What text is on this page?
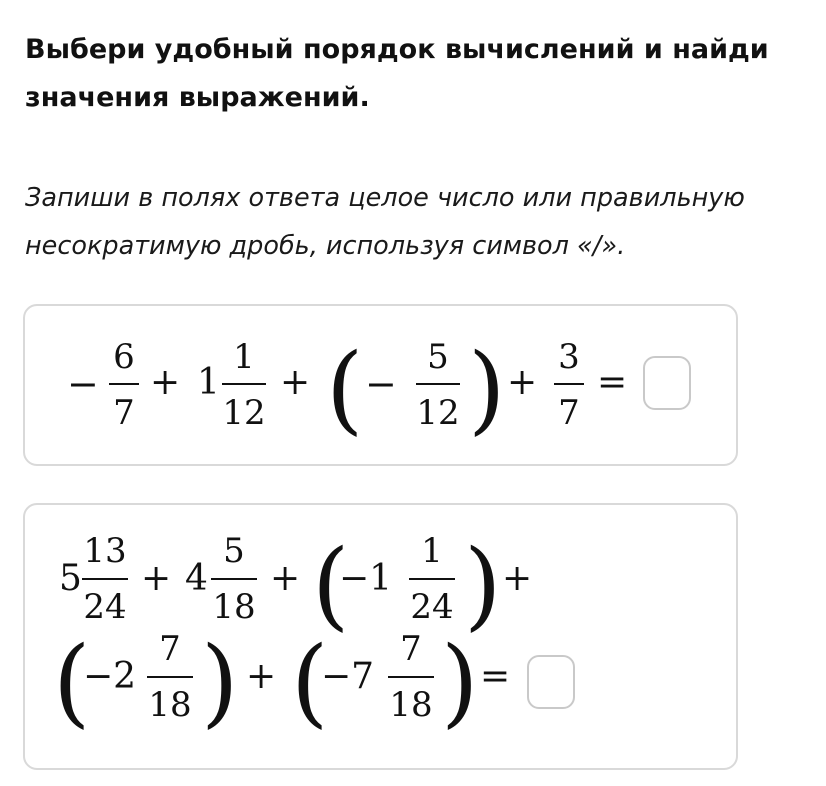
Выбери удобный порядок вычислений и найди значения выражений.

Запиши в полях ответа целое число или правильную несократимую дробь, используя символ «/».

−
6
7
+ 1
1
12
+ ( −
5
12 ) +
3
7
=
5
13
24
+ 4
5
18
+ (
−1
1
24 ) +
(
−2
7
18 ) + (
−7
7
18 ) =
